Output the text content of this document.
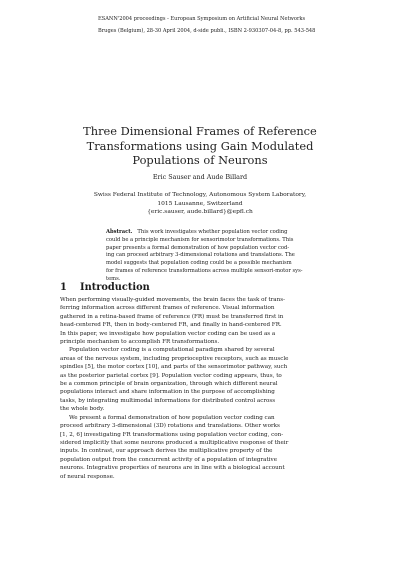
ESANN'2004 proceedings - European Symposium on Artificial Neural Networks
Bruges (Belgium), 28-30 April 2004, d-side publi., ISBN 2-930307-04-8, pp. 543-548
Three Dimensional Frames of Reference
Transformations using Gain Modulated
Populations of Neurons
Eric Sauser and Aude Billard
Swiss Federal Institute of Technology, Autonomous System Laboratory,
1015 Lausanne, Switzerland
{eric.sauser, aude.billard}@epfl.ch
Abstract. This work investigates whether population vector coding
could be a principle mechanism for sensorimotor transformations. This
paper presents a formal demonstration of how population vector cod-
ing can proceed arbitrary 3-dimensional rotations and translations. The
model suggests that population coding could be a possible mechanism
for frames of reference transformations across multiple sensori-motor sys-
tems.
1 Introduction
When performing visually-guided movements, the brain faces the task of trans-
ferring information across different frames of reference. Visual information
gathered in a retina-based frame of reference (FR) must be transferred first in
head-centered FR, then in body-centered FR, and finally in hand-centered FR.
In this paper, we investigate how population vector coding can be used as a
principle mechanism to accomplish FR transformations.
Population vector coding is a computational paradigm shared by several
areas of the nervous system, including proprioceptive receptors, such as muscle
spindles [5], the motor cortex [10], and parts of the sensorimotor pathway, such
as the posterior parietal cortex [9]. Population vector coding appears, thus, to
be a common principle of brain organization, through which different neural
populations interact and share information in the purpose of accomplishing
tasks, by integrating multimodal informations for distributed control across
the whole body.
We present a formal demonstration of how population vector coding can
proceed arbitrary 3-dimensional (3D) rotations and translations. Other works
[1, 2, 6] investigating FR transformations using population vector coding, con-
sidered implicitly that some neurons produced a multiplicative response of their
inputs. In contrast, our approach derives the multiplicative property of the
population output from the concurrent activity of a population of integrative
neurons. Integrative properties of neurons are in line with a biological account
of neural response.
